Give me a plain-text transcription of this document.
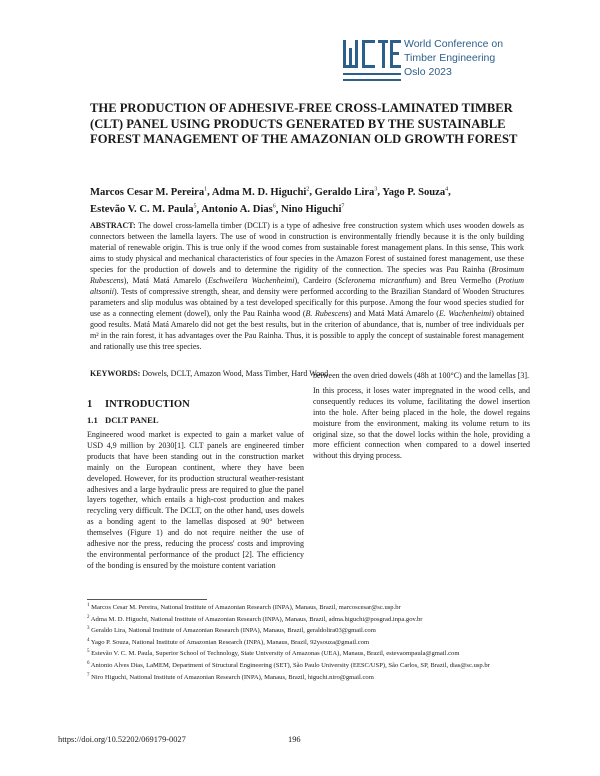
World Conference on
Timber Engineering
Oslo 2023
THE PRODUCTION OF ADHESIVE-FREE CROSS-LAMINATED TIMBER (CLT) PANEL USING PRODUCTS GENERATED BY THE SUSTAINABLE FOREST MANAGEMENT OF THE AMAZONIAN OLD GROWTH FOREST
Marcos Cesar M. Pereira$^1$, Adma M. D. Higuchi$^2$, Geraldo Lira$^3$, Yago P. Souza$^4$,
Estevão V. C. M. Paula$^5$, Antonio A. Dias$^6$, Nino Higuchi$^7$
ABSTRACT: The dowel cross-lamella timber (DCLT) is a type of adhesive free construction system which uses wooden dowels as connectors between the lamella layers. The use of wood in construction is environmentally friendly because it is the only building material of renewable origin. This is true only if the wood comes from sustainable forest management plans. In this sense, This work aims to study physical and mechanical characteristics of four species in the Amazon Forest of sustained forest management, use these species for the production of dowels and to determine the rigidity of the connection. The species was Pau Rainha (Brosimum Rubescens), Matá Matá Amarelo (Eschweilera Wachenheimi), Cardeiro (Scleronema micranthum) and Breu Vermelho (Protium altsonii). Tests of compressive strength, shear, and density were performed according to the Brazilian Standard of Wooden Structures parameters and slip modulus was obtained by a test developed specifically for this purpose. Among the four wood species studied for use as a connecting element (dowel), only the Pau Rainha wood (B. Rubescens) and Matá Matá Amarelo (E. Wachenheimi) obtained good results. Matá Matá Amarelo did not get the best results, but in the criterion of abundance, that is, number of tree individuals per m² in the rain forest, it has advantages over the Pau Rainha. Thus, it is possible to apply the concept of sustainable forest management and rationally use this tree species.
KEYWORDS: Dowels, DCLT, Amazon Wood, Mass Timber, Hard Wood
1 INTRODUCTION
1.1 DCLT PANEL

Engineered wood market is expected to gain a market value of USD 4,9 million by 2030[1]. CLT panels are engineered timber products that have been standing out in the construction market mainly on the European continent, where they have been developed. However, for its production structural weather-resistant adhesives and a large hydraulic press are required to glue the panel layers together, which entails a high-cost production and makes recycling very difficult. The DCLT, on the other hand, uses dowels as a bonding agent to the lamellas disposed at 90° between themselves (Figure 1) and do not require neither the use of adhesive nor the press, reducing the process' costs and improving the environmental performance of the product [2]. The efficiency of the bonding is ensured by the moisture content variation

between the oven dried dowels (48h at 100°C) and the lamellas [3].

In this process, it loses water impregnated in the wood cells, and consequently reduces its volume, facilitating the dowel insertion into the hole. After being placed in the hole, the dowel regains moisture from the environment, making its volume return to its original size, so that the dowel locks within the hole, providing a more efficient connection when compared to a dowel inserted without this drying process.

$^1$ Marcos Cesar M. Pereira, National Institute of Amazonian Research (INPA), Manaus, Brazil, marcoscesar@sc.usp.br
$^2$ Adma M. D. Higuchi, National Institute of Amazonian Research (INPA), Manaus, Brazil, adma.higuchi@posgrad.inpa.gov.br
$^3$ Geraldo Lira, National Institute of Amazonian Research (INPA), Manaus, Brazil, geraldolira03@gmail.com
$^4$ Yago P. Souza, National Institute of Amazonian Research (INPA), Manaus, Brazil, 92ysouza@gmail.com
$^5$ Estevão V. C. M. Paula, Superior School of Technology, State University of Amazonas (UEA), Manaus, Brazil, estevaompaula@gmail.com
$^6$ Antonio Alves Dias, LaMEM, Department of Structural Engineering (SET), São Paulo University (EESC/USP), São Carlos, SP, Brazil, dias@sc.usp.br
$^7$ Niro Higuchi, National Institute of Amazonian Research (INPA), Manaus, Brazil, higuchi.niro@gmail.com
https://doi.org/10.52202/069179-0027	196
